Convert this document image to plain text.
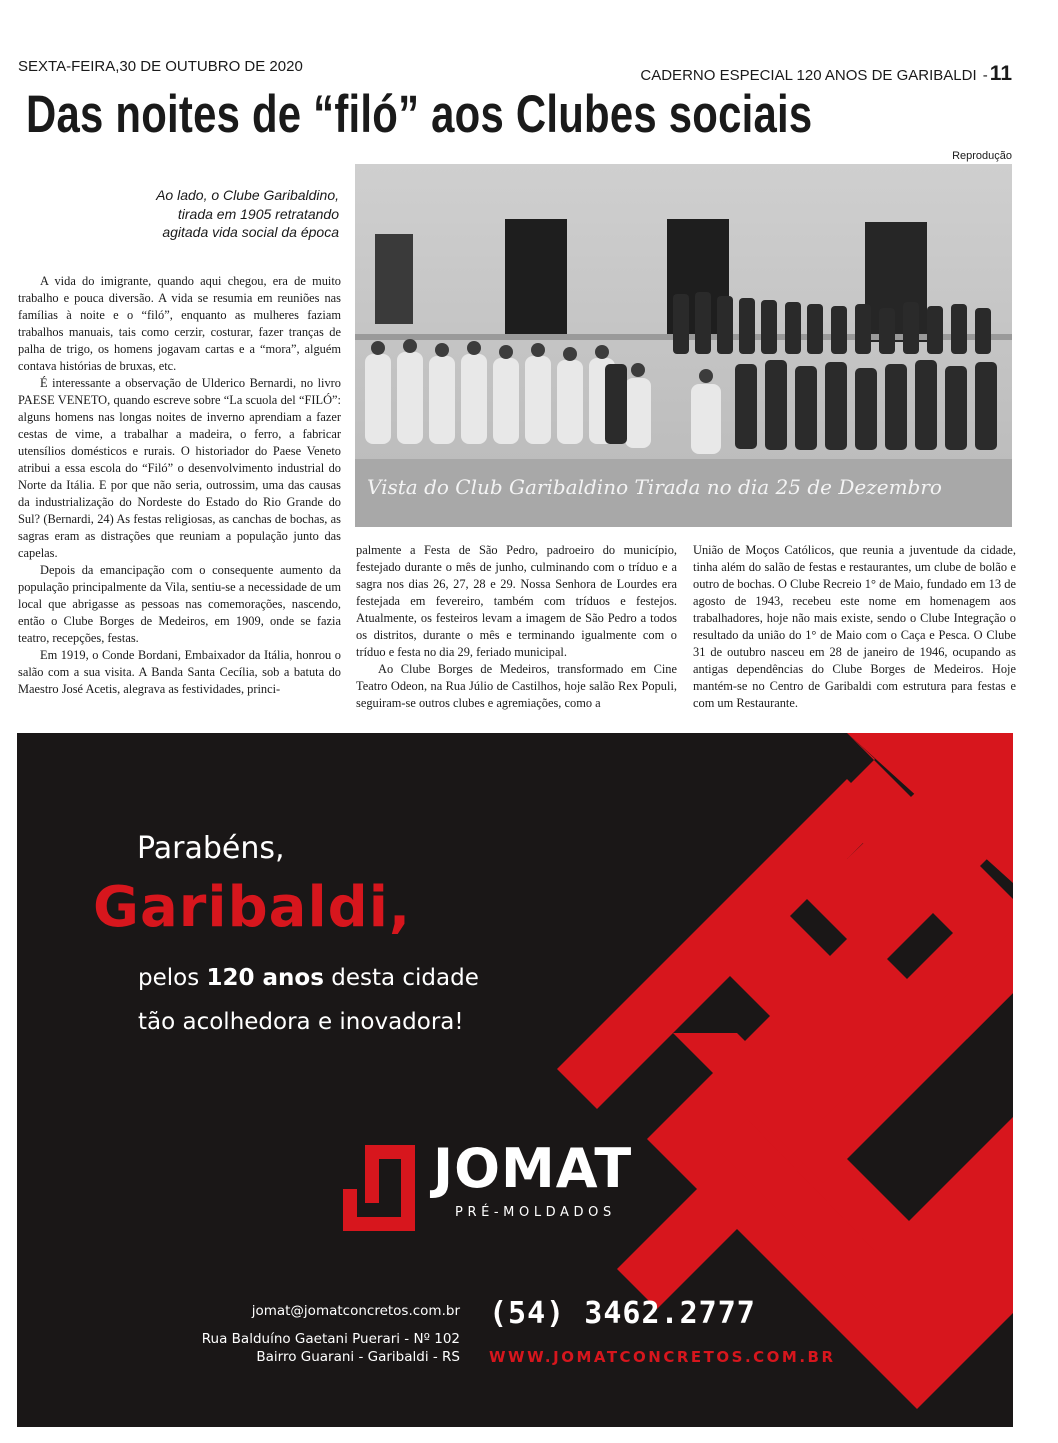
SEXTA-FEIRA,30 DE OUTUBRO DE 2020
CADERNO ESPECIAL 120 ANOS DE GARIBALDI -11
Das noites de “filó” aos Clubes sociais
Reprodução
Vista do Club Garibaldino Tirada no dia 25 de Dezembro
Ao lado, o Clube Garibaldino, tirada em 1905 retratando agitada vida social da época

A vida do imigrante, quando aqui chegou, era de muito trabalho e pouca diversão. A vida se resumia em reuniões nas famílias à noite e o “filó”, enquanto as mulheres faziam trabalhos manuais, tais como cerzir, costurar, fazer tranças de palha de trigo, os homens jogavam cartas e a “mora”, alguém contava histórias de bruxas, etc.

É interessante a observação de Ulderico Bernardi, no livro PAESE VENETO, quando escreve sobre “La scuola del “FILÓ”: alguns homens nas longas noites de inverno aprendiam a fazer cestas de vime, a trabalhar a madeira, o ferro, a fabricar utensílios domésticos e rurais. O historiador do Paese Veneto atribui a essa escola do “Filó” o desenvolvimento industrial do Norte da Itália. E por que não seria, outrossim, uma das causas da industrialização do Nordeste do Estado do Rio Grande do Sul? (Bernardi, 24) As festas religiosas, as canchas de bochas, as sagras eram as distrações que reuniam a população junto das capelas.

Depois da emancipação com o consequente aumento da população principalmente da Vila, sentiu-se a necessidade de um local que abrigasse as pessoas nas comemorações, nascendo, então o Clube Borges de Medeiros, em 1909, onde se fazia teatro, recepções, festas.

Em 1919, o Conde Bordani, Embaixador da Itália, honrou o salão com a sua visita. A Banda Santa Cecília, sob a batuta do Maestro José Acetis, alegrava as festividades, princi-

palmente a Festa de São Pedro, padroeiro do município, festejado durante o mês de junho, culminando com o tríduo e a sagra nos dias 26, 27, 28 e 29. Nossa Senhora de Lourdes era festejada em fevereiro, também com tríduos e festejos. Atualmente, os festeiros levam a imagem de São Pedro a todos os distritos, durante o mês e terminando igualmente com o tríduo e festa no dia 29, feriado municipal.

Ao Clube Borges de Medeiros, transformado em Cine Teatro Odeon, na Rua Júlio de Castilhos, hoje salão Rex Populi, seguiram-se outros clubes e agremiações, como a

União de Moços Católicos, que reunia a juventude da cidade, tinha além do salão de festas e restaurantes, um clube de bolão e outro de bochas. O Clube Recreio 1° de Maio, fundado em 13 de agosto de 1943, recebeu este nome em homenagem aos trabalhadores, hoje não mais existe, sendo o Clube Integração o resultado da união do 1° de Maio com o Caça e Pesca. O Clube 31 de outubro nasceu em 28 de janeiro de 1946, ocupando as antigas dependências do Clube Borges de Medeiros. Hoje mantém-se no Centro de Garibaldi com estrutura para festas e com um Restaurante.

Parabéns,
Garibaldi,
pelos 120 anos desta cidade
tão acolhedora e inovadora!
JOMAT
PRÉ-MOLDADOS
jomat@jomatconcretos.com.br
Rua Balduíno Gaetani Puerari - Nº 102
Bairro Guarani - Garibaldi - RS
(54) 3462.2777
WWW.JOMATCONCRETOS.COM.BR
